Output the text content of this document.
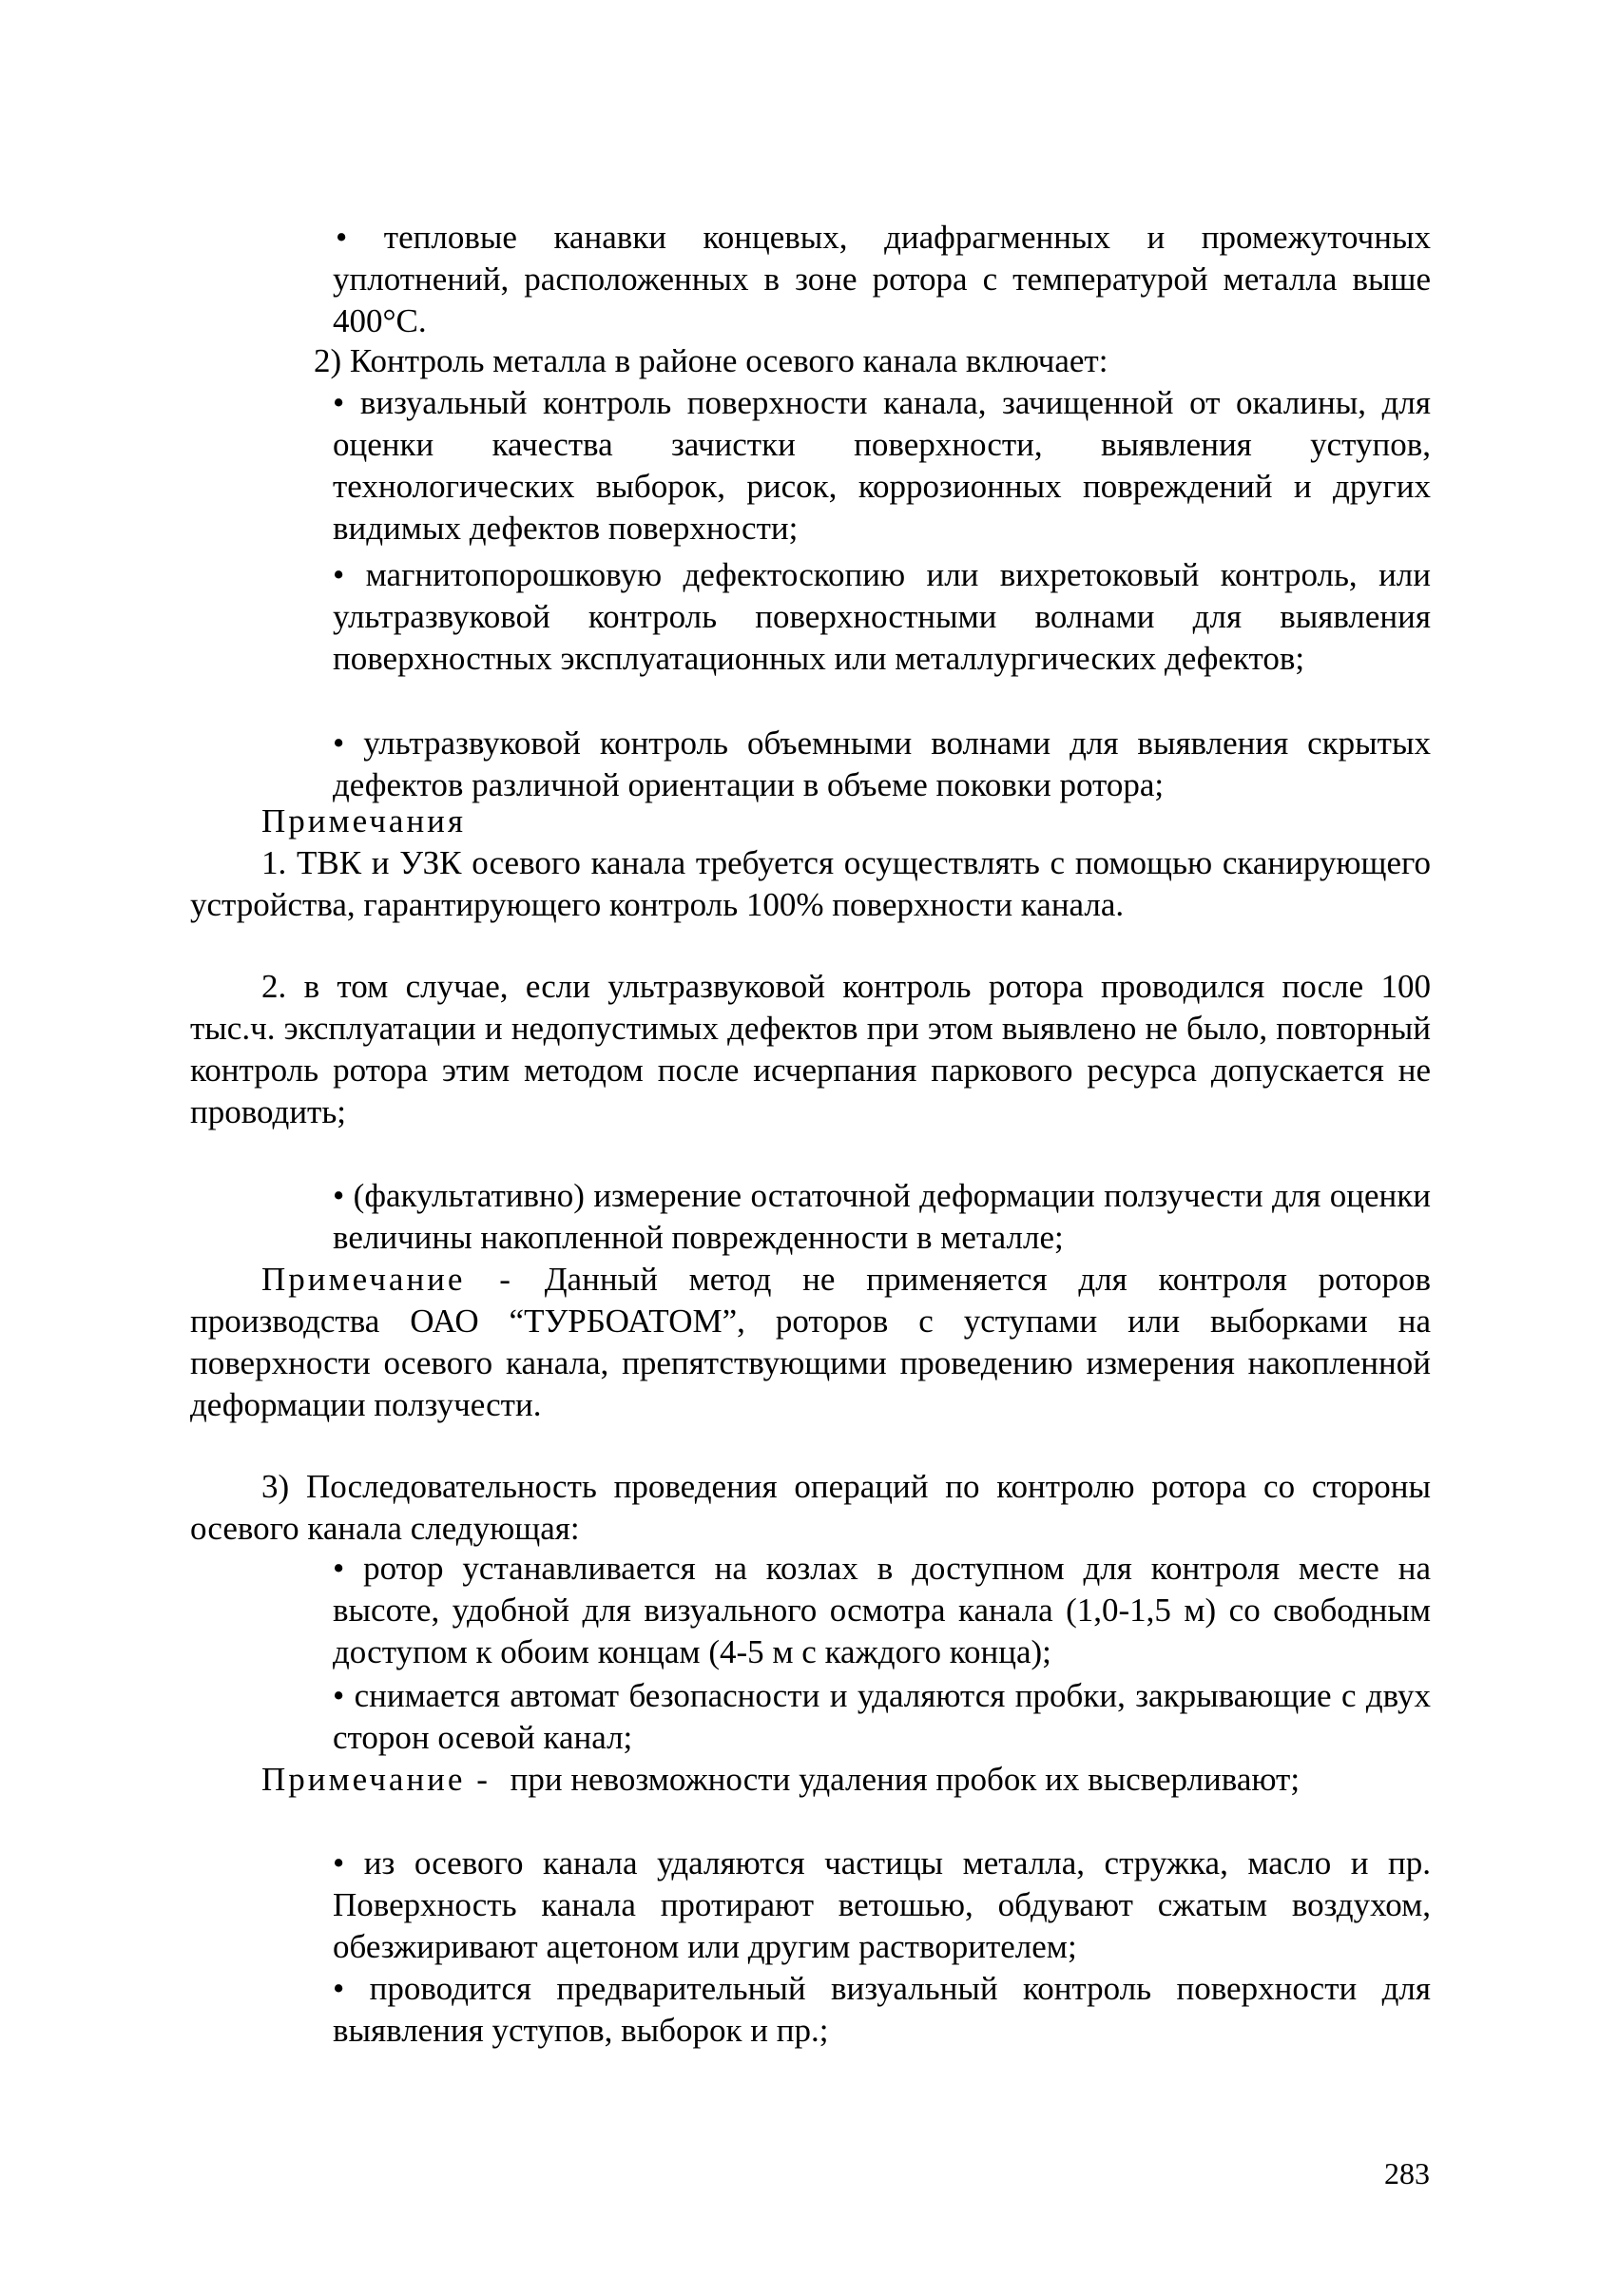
• тепловые канавки концевых, диафрагменных и промежуточных уплотнений, расположенных в зоне ротора с температурой металла выше 400°С.
2) Контроль металла в районе осевого канала включает:
• визуальный контроль поверхности канала, зачищенной от окалины, для оценки качества зачистки поверхности, выявления уступов, технологических выборок, рисок, коррозионных повреждений и других видимых дефектов поверхности;
• магнитопорошковую дефектоскопию или вихретоковый контроль, или ультразвуковой контроль поверхностными волнами для выявления поверхностных эксплуатационных или металлургических дефектов;
• ультразвуковой контроль объемными волнами для выявления скрытых дефектов различной ориентации в объеме поковки ротора;
Примечания
1. ТВК и УЗК осевого канала требуется осуществлять с помощью сканирующего устройства, гарантирующего контроль 100% поверхности канала.
2. в том случае, если ультразвуковой контроль ротора проводился после 100 тыс.ч. эксплуатации и недопустимых дефектов при этом выявлено не было, повторный контроль ротора этим методом после исчерпания паркового ресурса допускается не проводить;
• (факультативно) измерение остаточной деформации ползучести для оценки величины накопленной поврежденности в металле;
Примечание - Данный метод не применяется для контроля роторов производства ОАО “ТУРБОАТОМ”, роторов с уступами или выборками на поверхности осевого канала, препятствующими проведению измерения накопленной деформации ползучести.
3) Последовательность проведения операций по контролю ротора со стороны осевого канала следующая:
• ротор устанавливается на козлах в доступном для контроля месте на высоте, удобной для визуального осмотра канала (1,0-1,5 м) со свободным доступом к обоим концам (4-5 м с каждого конца);
• снимается автомат безопасности и удаляются пробки, закрывающие с двух сторон осевой канал;
Примечание - при невозможности удаления пробок их высверливают;
• из осевого канала удаляются частицы металла, стружка, масло и пр. Поверхность канала протирают ветошью, обдувают сжатым воздухом, обезжиривают ацетоном или другим растворителем;
• проводится предварительный визуальный контроль поверхности для выявления уступов, выборок и пр.;
283
